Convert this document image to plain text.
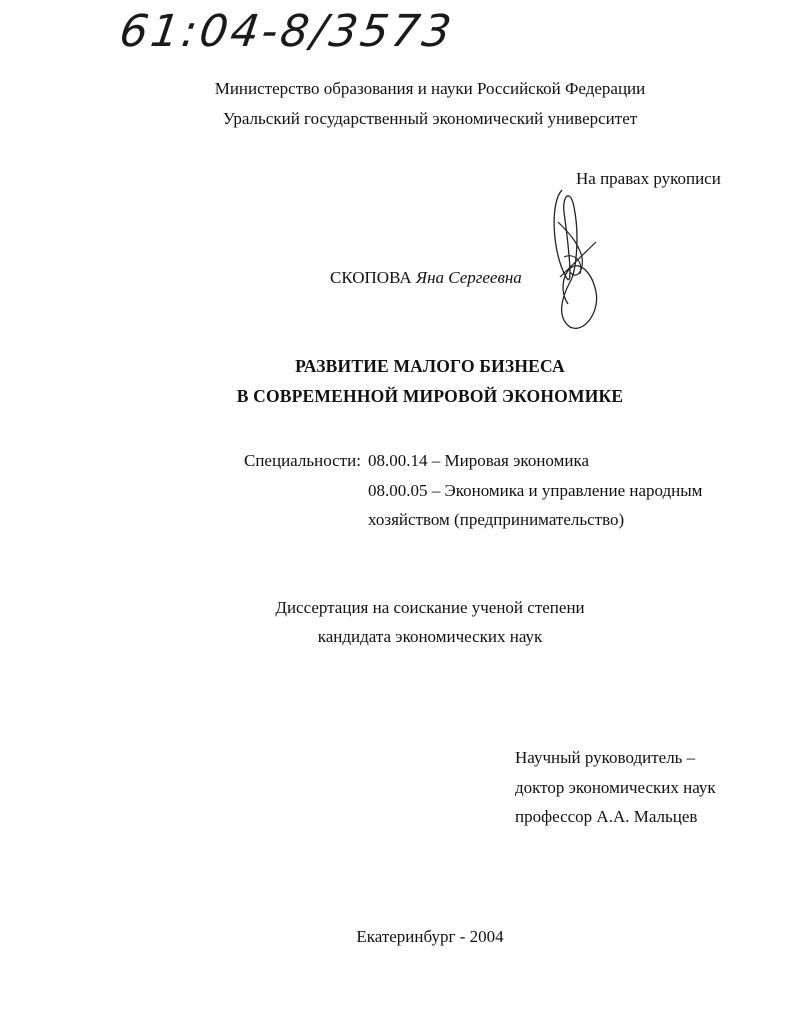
61:04-8/3573
Министерство образования и науки Российской Федерации
Уральский государственный экономический университет
На правах рукописи
СКОПОВА Яна Сергеевна
РАЗВИТИЕ МАЛОГО БИЗНЕСА
В СОВРЕМЕННОЙ МИРОВОЙ ЭКОНОМИКЕ
Специальности: 08.00.14 – Мировая экономика
08.00.05 – Экономика и управление народным
хозяйством (предпринимательство)
Диссертация на соискание ученой степени
кандидата экономических наук
Научный руководитель –
доктор экономических наук
профессор А.А. Мальцев
Екатеринбург - 2004
